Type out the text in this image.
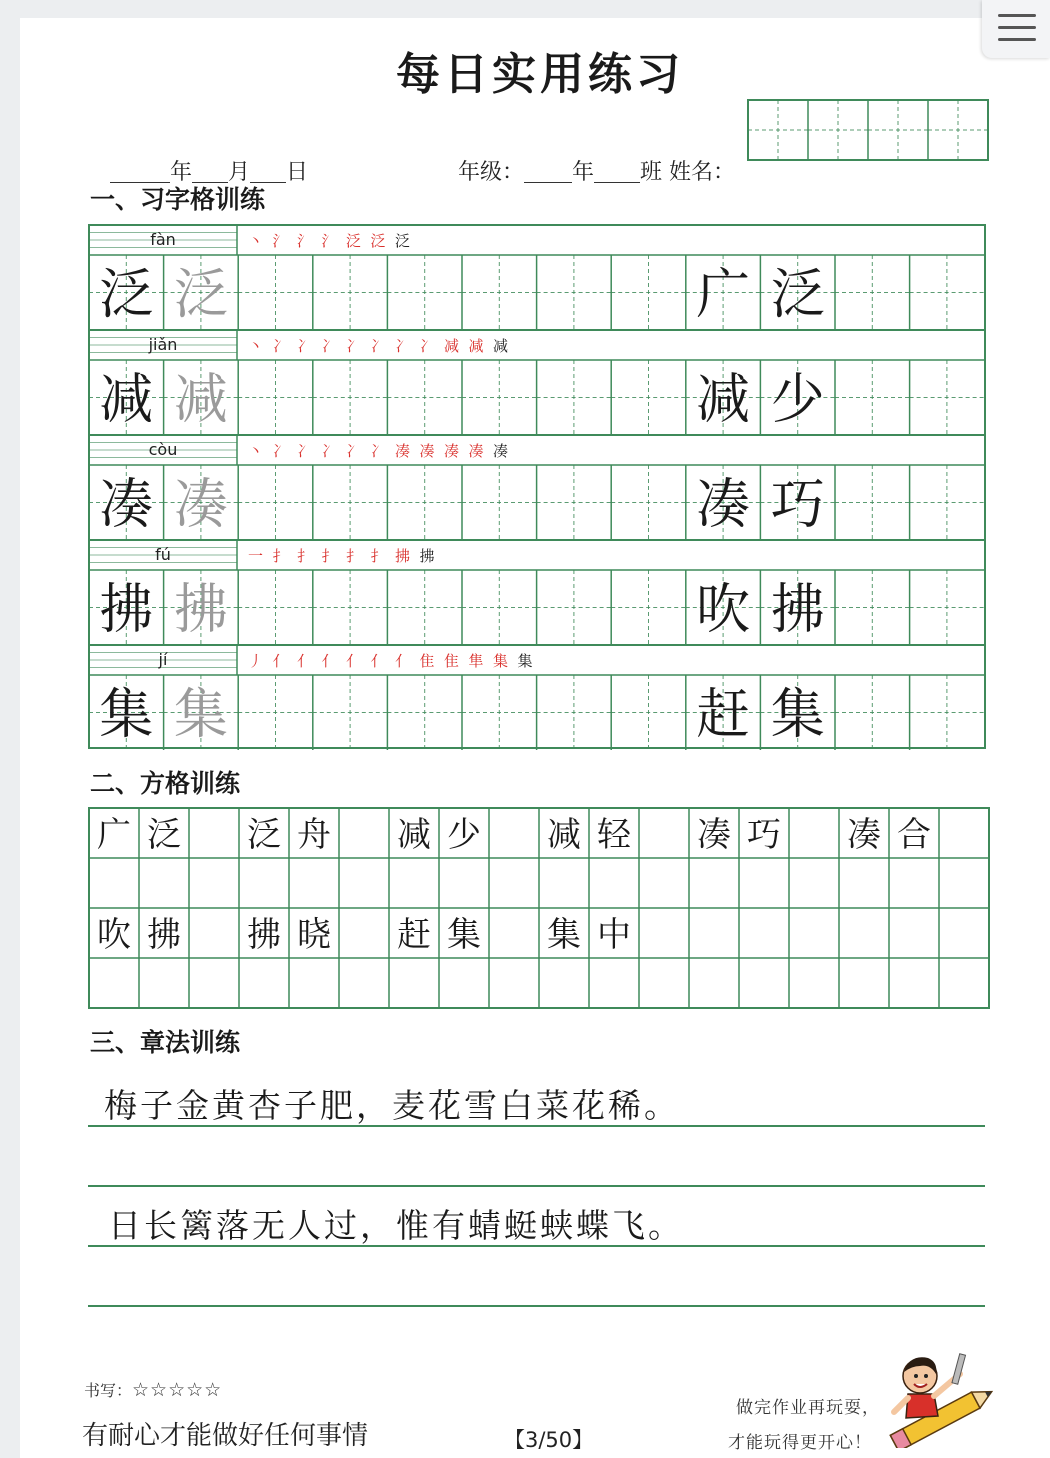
每日实用练习

年 月 日	年级： 年 班 姓名：

一、习字格训练
fàn	丶 氵 氵 氵 泛 泛 泛
泛 泛	广 泛
jiǎn	丶 冫 冫 冫 冫 冫 冫 冫 减 减 减
减 减	减 少
còu	丶 冫 冫 冫 冫 冫 凑 凑 凑 凑 凑
凑 凑	凑 巧
fú	一 扌 扌 扌 扌 扌 拂 拂
拂 拂	吹 拂
jí	丿 亻 亻 亻 亻 亻 亻 隹 隹 隼 集 集
集 集	赶 集
二、方格训练
广 泛 泛 舟 减 少 减 轻 凑 巧 凑 合
吹 拂 拂 晓 赶 集 集 中
三、章法训练
梅子金黄杏子肥，麦花雪白菜花稀。
日长篱落无人过，惟有蜻蜓蛱蝶飞。
书写：☆☆☆☆☆
有耐心才能做好任何事情	【3/50】
做完作业再玩耍，
才能玩得更开心！
